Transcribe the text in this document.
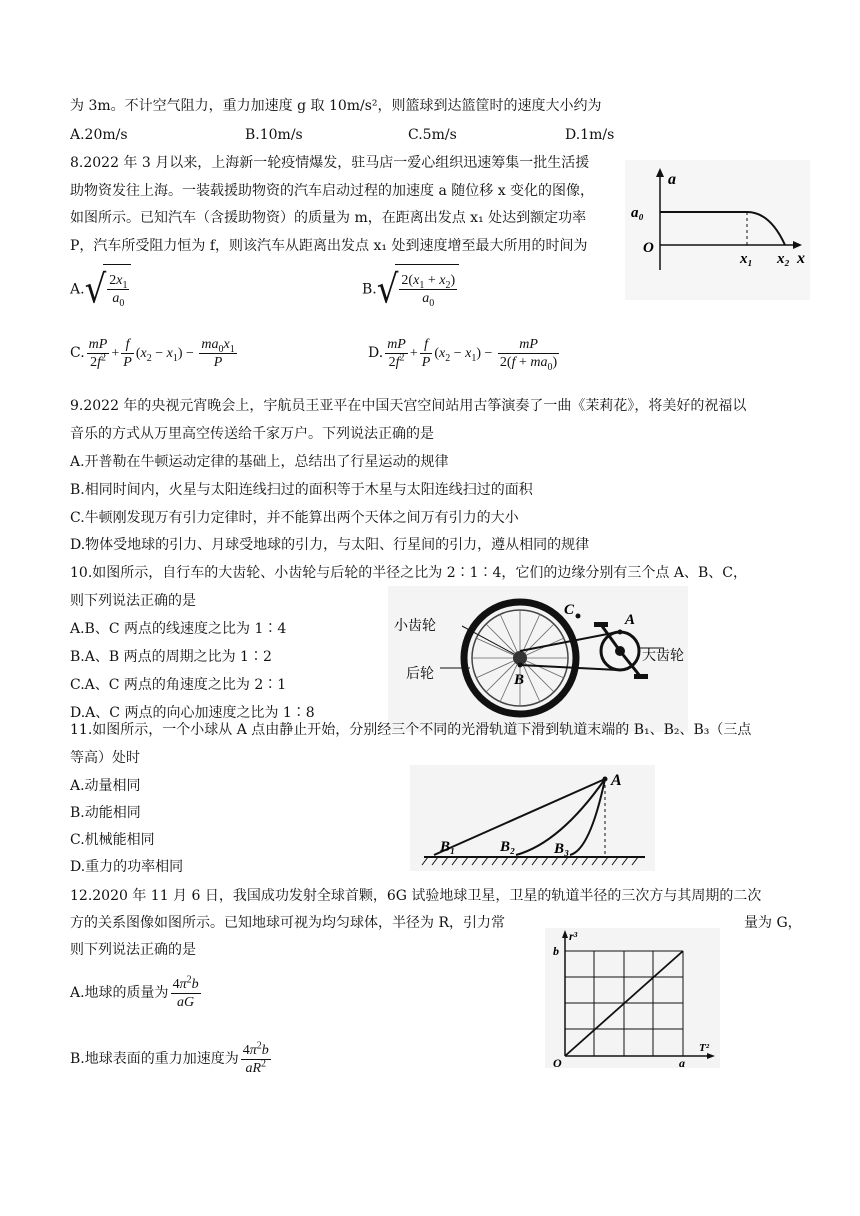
为 3m。不计空气阻力，重力加速度 g 取 10m/s²，则篮球到达篮筐时的速度大小约为
A.20m/s	B.10m/s	C.5m/s	D.1m/s
8.2022 年 3 月以来，上海新一轮疫情爆发，驻马店一爱心组织迅速筹集一批生活援
助物资发往上海。一装载援助物资的汽车启动过程的加速度 a 随位移 x 变化的图像，
如图所示。已知汽车（含援助物资）的质量为 m，在距离出发点 x₁ 处达到额定功率
P，汽车所受阻力恒为 f，则该汽车从距离出发点 x₁ 处到速度增至最大所用的时间为
a
a₀
O
x₁ x₂ x
$A.√ \frac{2x_1}{a_0}$	$B.√ \frac{2(x_1 + x_2)}{a_0}$
C. $\frac{mP}{2f^2} + \frac{f}{P} (x_2 - x_1) - \frac{ma_0x_1}{P}$	D. $\frac{mP}{2f^2} + \frac{f}{P} (x_2 - x_1) - \frac{mP}{2(f + ma_0)}$
9.2022 年的央视元宵晚会上，宇航员王亚平在中国天宫空间站用古筝演奏了一曲《茉莉花》，将美好的祝福以
音乐的方式从万里高空传送给千家万户。下列说法正确的是
A.开普勒在牛顿运动定律的基础上，总结出了行星运动的规律
B.相同时间内，火星与太阳连线扫过的面积等于木星与太阳连线扫过的面积
C.牛顿刚发现万有引力定律时，并不能算出两个天体之间万有引力的大小
D.物体受地球的引力、月球受地球的引力，与太阳、行星间的引力，遵从相同的规律
10.如图所示，自行车的大齿轮、小齿轮与后轮的半径之比为 2∶1∶4，它们的边缘分别有三个点 A、B、C，
则下列说法正确的是
A.B、C 两点的线速度之比为 1∶4
B.A、B 两点的周期之比为 1∶2
C.A、C 两点的角速度之比为 2∶1
D.A、C 两点的向心加速度之比为 1∶8
小齿轮
后轮
大齿轮
A
B
C
11.如图所示，一个小球从 A 点由静止开始，分别经三个不同的光滑轨道下滑到轨道末端的 B₁、B₂、B₃（三点
等高）处时
A.动量相同
B.动能相同
C.机械能相同
D.重力的功率相同
A
B₁	B₂	B₃
12.2020 年 11 月 6 日，我国成功发射全球首颗，6G 试验地球卫星，卫星的轨道半径的三次方与其周期的二次
方的关系图像如图所示。已知地球可视为均匀球体，半径为 R，引力常	量为 G，
则下列说法正确的是
A.地球的质量为 $\frac{4\pi^2b}{aG}$
B.地球表面的重力加速度为 $\frac{4\pi^2b}{aR^2}$
r³
b
a
O
T²
